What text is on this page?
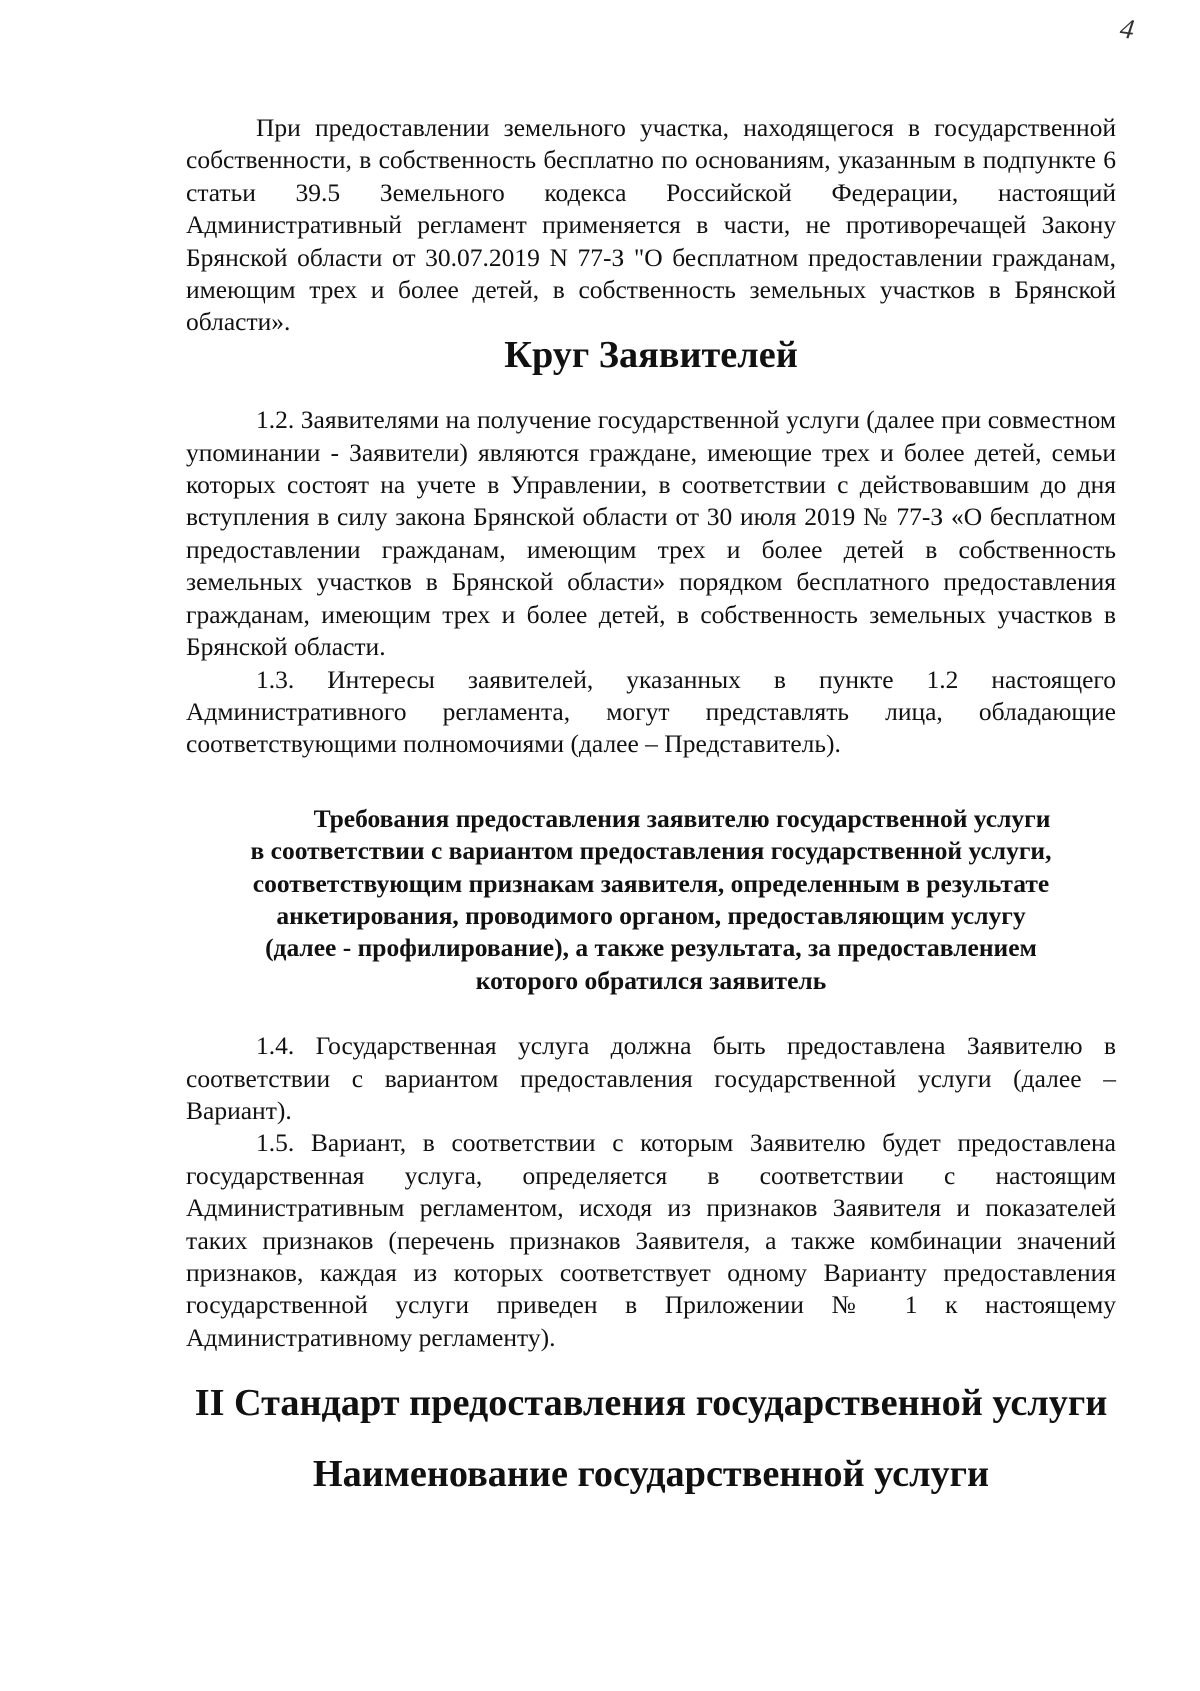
4

При предоставлении земельного участка, находящегося в государственной собственности, в собственность бесплатно по основаниям, указанным в подпункте 6 статьи 39.5 Земельного кодекса Российской Федерации, настоящий Административный регламент применяется в части, не противоречащей Закону Брянской области от 30.07.2019 N 77-З "О бесплатном предоставлении гражданам, имеющим трех и более детей, в собственность земельных участков в Брянской области».

Круг Заявителей

1.2. Заявителями на получение государственной услуги (далее при совместном упоминании - Заявители) являются граждане, имеющие трех и более детей, семьи которых состоят на учете в Управлении, в соответствии с действовавшим до дня вступления в силу закона Брянской области от 30 июля 2019 № 77-З «О бесплатном предоставлении гражданам, имеющим трех и более детей в собственность земельных участков в Брянской области» порядком бесплатного предоставления гражданам, имеющим трех и более детей, в собственность земельных участков в Брянской области.

1.3. Интересы заявителей, указанных в пункте 1.2 настоящего Административного регламента, могут представлять лица, обладающие соответствующими полномочиями (далее – Представитель).

Требования предоставления заявителю государственной услуги
в соответствии с вариантом предоставления государственной услуги,
соответствующим признакам заявителя, определенным в результате
анкетирования, проводимого органом, предоставляющим услугу
(далее - профилирование), а также результата, за предоставлением
которого обратился заявитель

1.4. Государственная услуга должна быть предоставлена Заявителю в соответствии с вариантом предоставления государственной услуги (далее – Вариант).

1.5. Вариант, в соответствии с которым Заявителю будет предоставлена государственная услуга, определяется в соответствии с настоящим Административным регламентом, исходя из признаков Заявителя и показателей таких признаков (перечень признаков Заявителя, а также комбинации значений признаков, каждая из которых соответствует одному Варианту предоставления государственной услуги приведен в Приложении № 1 к настоящему Административному регламенту).

II Стандарт предоставления государственной услуги
Наименование государственной услуги
